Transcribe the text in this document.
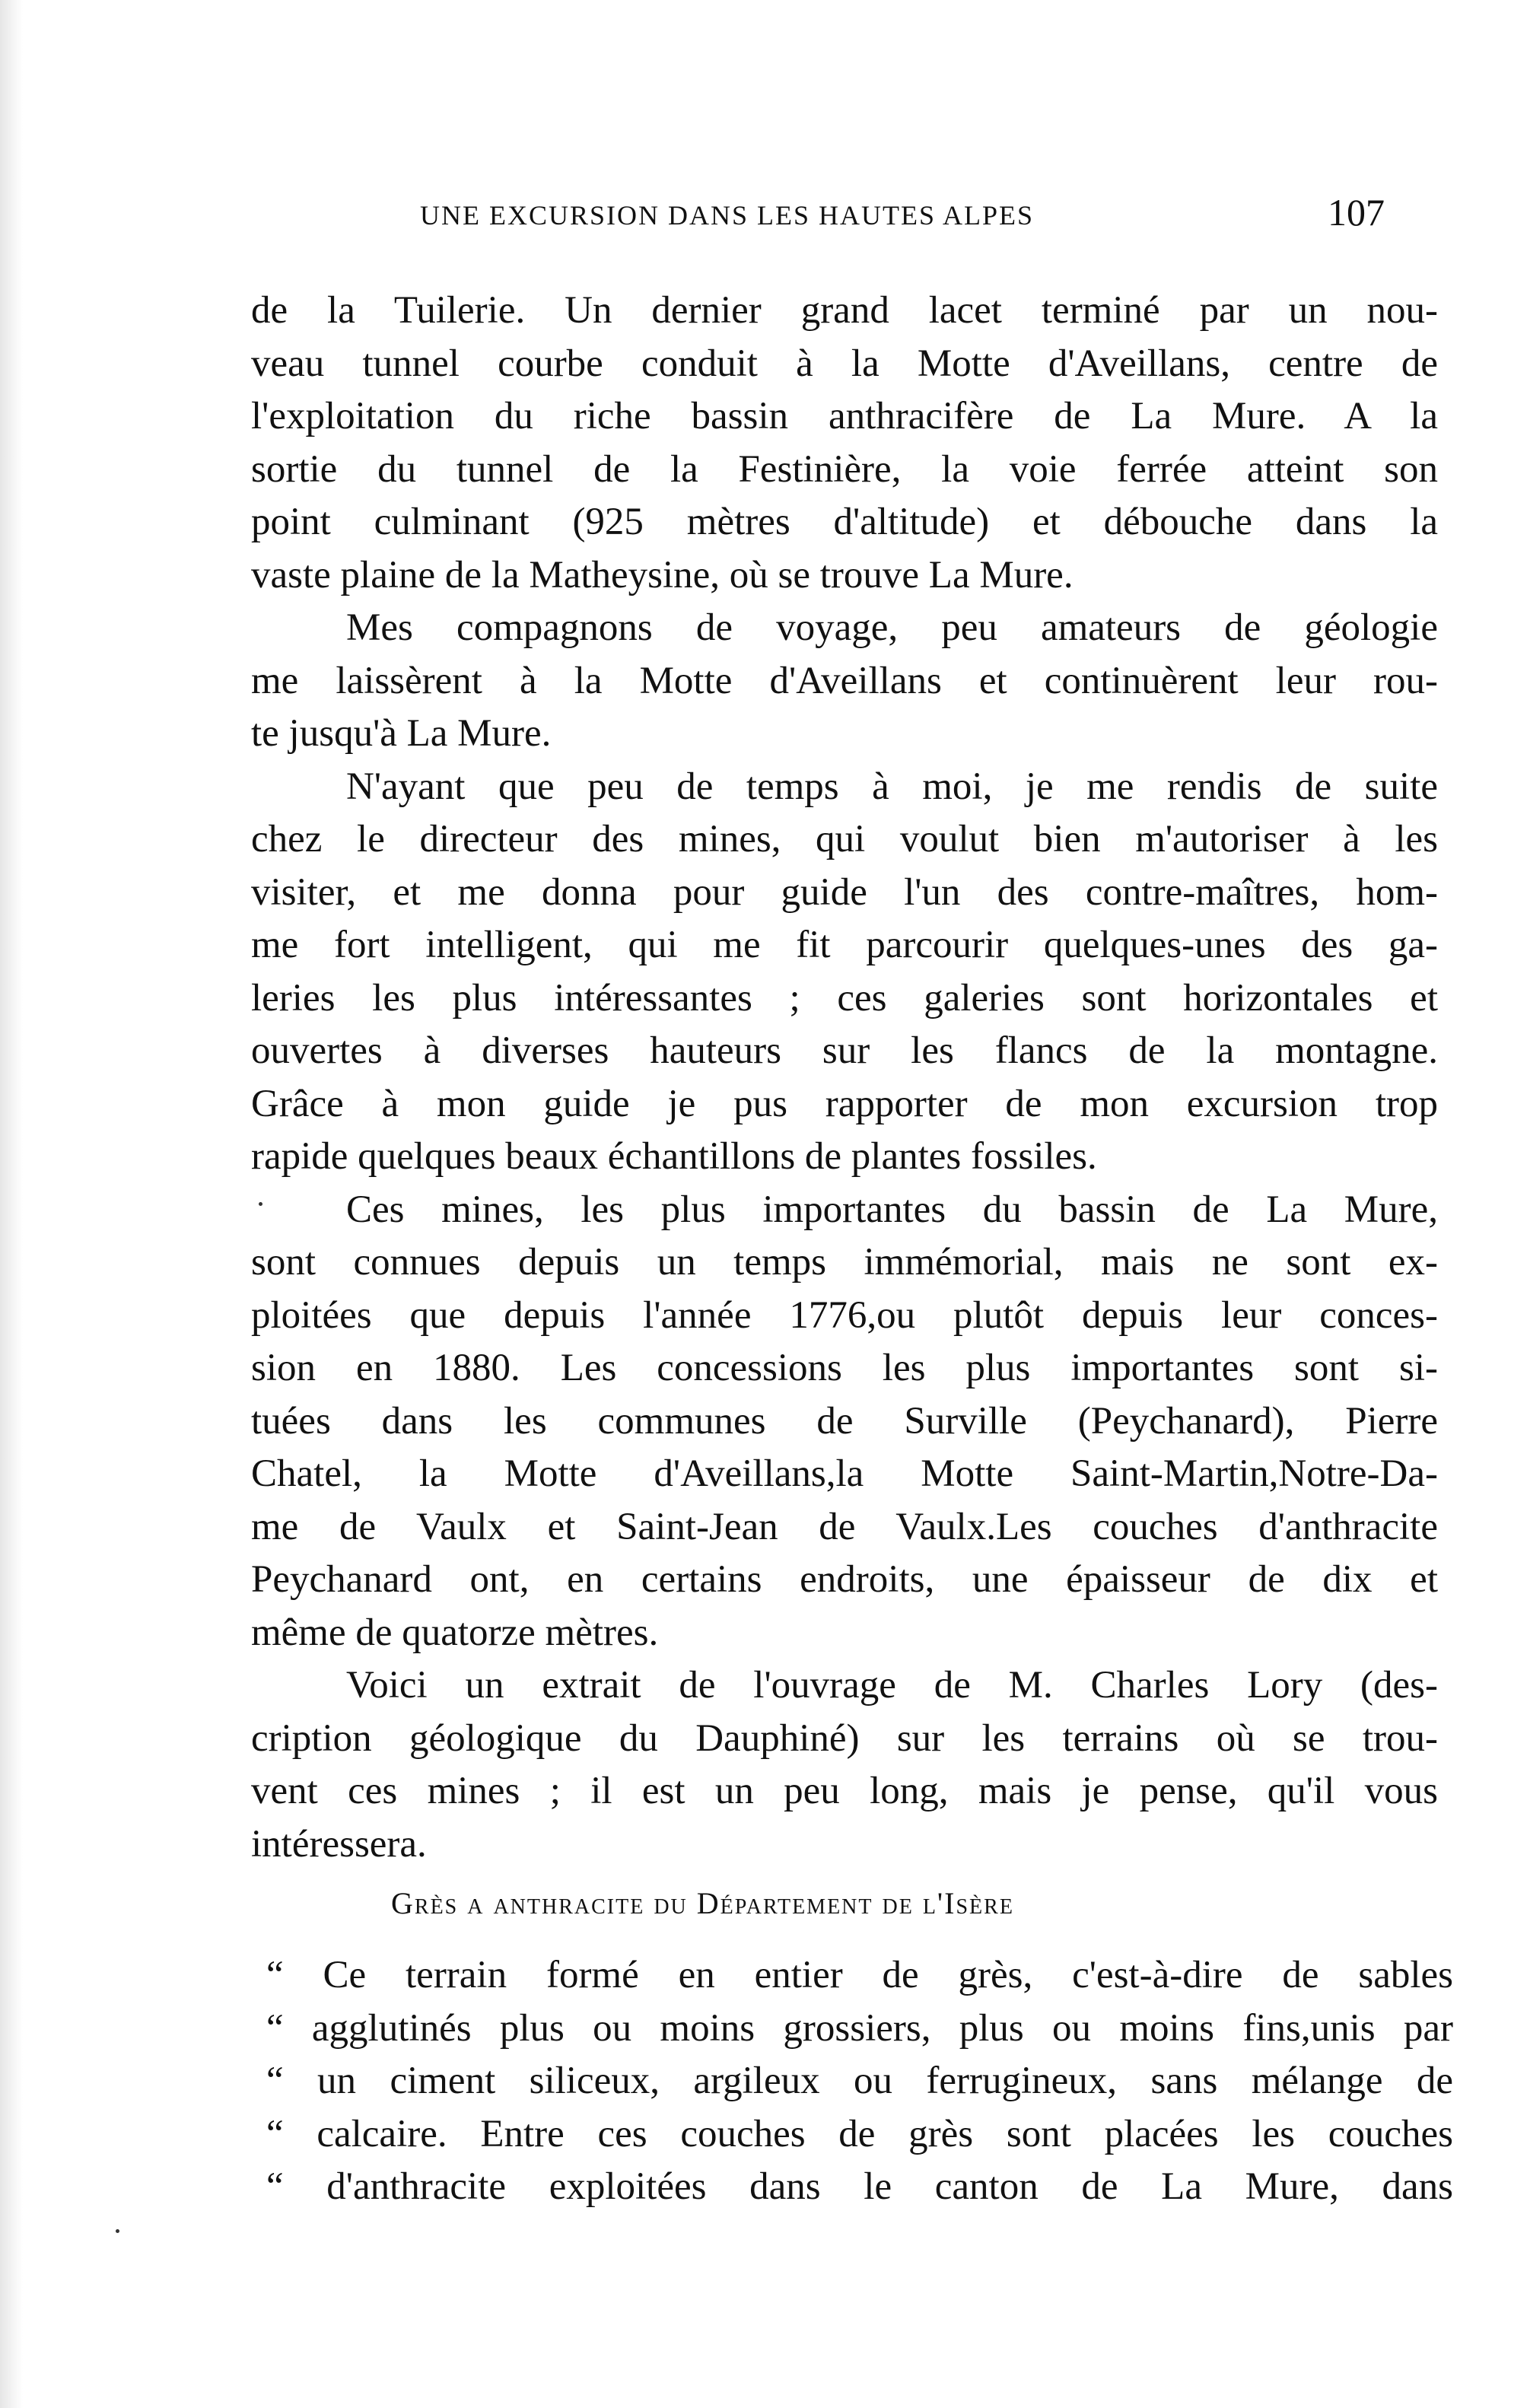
UNE EXCURSION DANS LES HAUTES ALPES	107
de la Tuilerie. Un dernier grand lacet terminé par un nou-
veau tunnel courbe conduit à la Motte d'Aveillans, centre de
l'exploitation du riche bassin anthracifère de La Mure. A la
sortie du tunnel de la Festinière, la voie ferrée atteint son
point culminant (925 mètres d'altitude) et débouche dans la
vaste plaine de la Matheysine, où se trouve La Mure.
Mes compagnons de voyage, peu amateurs de géologie
me laissèrent à la Motte d'Aveillans et continuèrent leur rou-
te jusqu'à La Mure.
N'ayant que peu de temps à moi, je me rendis de suite
chez le directeur des mines, qui voulut bien m'autoriser à les
visiter, et me donna pour guide l'un des contre-maîtres, hom-
me fort intelligent, qui me fit parcourir quelques-unes des ga-
leries les plus intéressantes ; ces galeries sont horizontales et
ouvertes à diverses hauteurs sur les flancs de la montagne.
Grâce à mon guide je pus rapporter de mon excursion trop
rapide quelques beaux échantillons de plantes fossiles.
Ces mines, les plus importantes du bassin de La Mure,
sont connues depuis un temps immémorial, mais ne sont ex-
ploitées que depuis l'année 1776,ou plutôt depuis leur conces-
sion en 1880. Les concessions les plus importantes sont si-
tuées dans les communes de Surville (Peychanard), Pierre
Chatel, la Motte d'Aveillans,la Motte Saint-Martin,Notre-Da-
me de Vaulx et Saint-Jean de Vaulx.Les couches d'anthracite
Peychanard ont, en certains endroits, une épaisseur de dix et
même de quatorze mètres.
Voici un extrait de l'ouvrage de M. Charles Lory (des-
cription géologique du Dauphiné) sur les terrains où se trou-
vent ces mines ; il est un peu long, mais je pense, qu'il vous
intéressera.
Grès a anthracite du Département de l'Isère
“ Ce terrain formé en entier de grès, c'est-à-dire de sables
“ agglutinés plus ou moins grossiers, plus ou moins fins,unis par
“ un ciment siliceux, argileux ou ferrugineux, sans mélange de
“ calcaire. Entre ces couches de grès sont placées les couches
“ d'anthracite exploitées dans le canton de La Mure, dans
